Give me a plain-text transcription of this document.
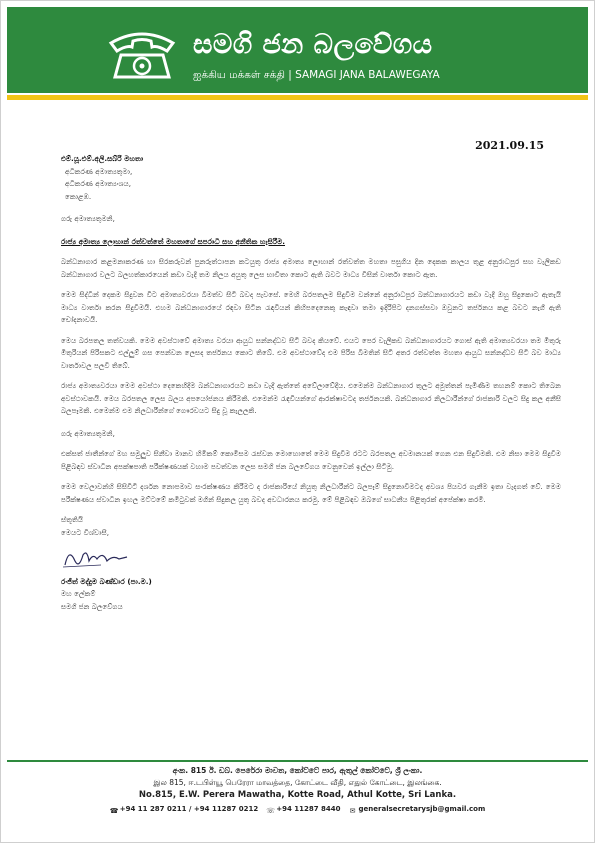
සමගි ජන බලවේගය
ஐக்கிய மக்கள் சக்தி | SAMAGI JANA BALAWEGAYA
2021.09.15
එම්.යූ.එම්.අලි.සබ්රි මහතා
අධිකරණ අමාත්‍යතුමා,
අධිකරණ අමාත්‍යංශය,
කොළඹ.
ගරු අමාත්‍යතුමනි,
රාජ්‍ය අමාත්‍ය ලොහාන් රත්වත්තේ මහතාගේ සපරාධී සහ අනීතික හැසිරීම.

බන්ධනාගාර කළමනාකරණ හා සිරකරුවන් පුනරුත්ථාපන කටයුතු රාජ්‍ය අමාත්‍ය ලොහාන් රත්වත්ත මහතා පසුගිය දින දෙකක කාලය තුළ අනුරාධපුර සහ වැලිකඩ බන්ධනාගාර වලට බලහත්කාරයෙන් කඩා වැදී තම නිලය අයුතු ලෙස භාවිතා කොට ඇති බවට මාධ්‍ය විසින් වාර්තා කොට ඇත.

මෙම සිද්ධීන් දෙකම සිදුවන විට අමාත්‍යවරයා බීමත්ව සිටි බවද පැවසේ. මෙහි බරපතලම සිදුවීම වන්නේ අනුරාධපුර බන්ධනාගාරයට කඩා වැදී ඔහු සිදුකොට ඇතැයි මාධ්‍ය වාර්තා කරන සිදුවීමයි. එහම බන්ධනාගාරයේ රඳවා සිටින රැඳවියන් කිහිපදෙනෙකු කැඳවා තමා ඉදිරිපිට දනගස්සවා ඔවුනට තර්ජනය කළ බවට නැගී ඇති චෝදනාවයි.

මෙය බරපතල තත්වයකි. මෙම අවස්ථාවේ අමාත්‍ය වරයා ආයුධ සන්නද්ධව සිටි බවද කියවේ. එයට පෙර වැලිකඩ බන්ධනාගාරයට ගොස් ඇති අමාත්‍යවරයා තම මිතුරු මිතුරියන් පිරිසකට එල්ලුම් ගස පෙන්වන ලෙසද තර්ජනය කොට තිබේ. එම අවස්ථාවේද එම පිරිස බීමතින් සිටි අතර රත්වත්ත මහතා ආයුධ සන්නද්ධව සිටි බව මාධ්‍ය වාර්තාවල පලවී තිබේ.

රාජ්‍ය අමාත්‍යවරයා මෙම අවස්ථා දෙකෙහිදීම බන්ධනාගාරයට කඩා වැදී ඇත්තේ අවේලාවේදීය. එමෙන්ම බන්ධනාගාර තුලට අමුත්තන් පැමිණීම තහනම් කොට තිබෙන අවස්ථාවකයි. මෙය බරපතල ලෙස බලය අපයෝජනය කිරීමකි. එමෙන්ම රැඳවියන්ගේ ආරක්ෂාවටද තර්ජනයකි. බන්ධනාගාර නිලධාරීන්ගේ රාජකාරි වලට සිදු කල අනීසි බලපෑමකි. එමෙන්ම එම නිලධාරීන්ගේ ගෞරවයට සිදු වූ කැලලකි.

ගරු අමාත්‍යතුමනි,

එක්සත් ජාතීන්ගේ මහ සමුලුව සිනීවා මානව හිමිකම් කොමිසම රැස්වන මොහොතේ මෙම සිදුවීම රටට බරපතල අවමානයක් ගෙන එන සිදුවීමකි. එම නිසා මෙම සිදුවීම පිළිබඳව ස්වාධීන අපක්ෂපාති පරීක්ෂණයක් වහාම පවත්වන ලෙස සමගි ජන බලවේගය වෙනුවෙන් ඉල්ලා සිටිමු.

මෙම වෙලාවන්හි සිසිවිටි දර්ශන නොපමාව සංරක්ෂණය කිරීමට ද රාජකාරියේ නියුතු නිලධාරීන්ට බලපෑම් සිදුනොවීමටද අවශ්‍ය පියවර ගැනීම ඉතා වැදගත් වේ. මෙම පරීක්ෂණය ස්වාධීන ඉහල මට්ටමේ කමිටුවක් මගින් සිදුකල යුතු බවද අවධාරනය කරමු. මේ පිළිබඳව ඔබගේ සාධනීය පිළිතුරක් අපේක්ෂා කරමි.

ස්තූතියි
මෙයට විශ්වාසී,
රංජිත් මද්දුම බණ්ඩාර (පා.ම.)
මහ ලේකම්
සමගි ජන බලවේගය
අංක. 815 ඊ. ඩබ්. පෙරේරා මාවත, කෝට්ටේ පාර, ඇතුල් කෝට්ටේ, ශ්‍රී ලංකා.
இல 815, ஈ.டபிள்யூ பெரேரா மாவத்தை, கோட்டை வீதி, எதுல் கோட்டை, இலங்கை.
No.815, E.W. Perera Mawatha, Kotte Road, Athul Kotte, Sri Lanka.
☎+94 11 287 0211 / +94 11287 0212 ☏+94 11287 8440 ✉ generalsecretarysjb@gmail.com
